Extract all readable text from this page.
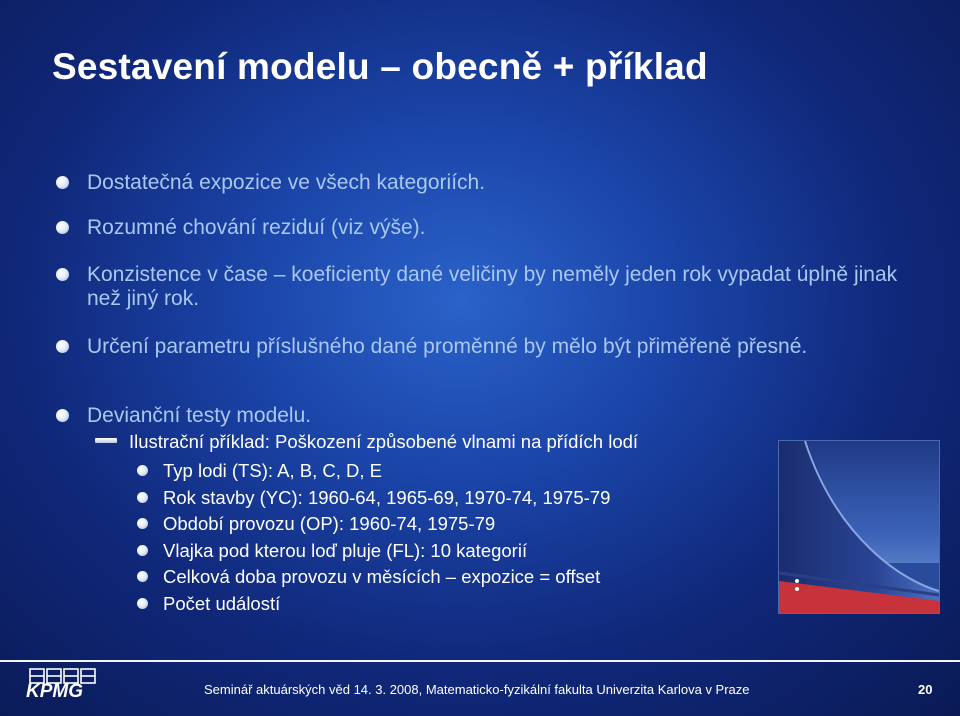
Sestavení modelu – obecně + příklad
Dostatečná expozice ve všech kategoriích.
Rozumné chování reziduí (viz výše).
Konzistence v čase – koeficienty dané veličiny by neměly jeden rok vypadat úplně jinak než jiný rok.
Určení parametru příslušného dané proměnné by mělo být přiměřeně přesné.
Devianční testy modelu.
Ilustrační příklad: Poškození způsobené vlnami na přídích lodí
Typ lodi (TS): A, B, C, D, E
Rok stavby (YC): 1960-64, 1965-69, 1970-74, 1975-79
Období provozu (OP): 1960-74, 1975-79
Vlajka pod kterou loď pluje (FL): 10 kategorií
Celková doba provozu v měsících – expozice = offset
Počet událostí
KPMG	Seminář aktuárských věd 14. 3. 2008, Matematicko-fyzikální fakulta Univerzita Karlova v Praze	20
